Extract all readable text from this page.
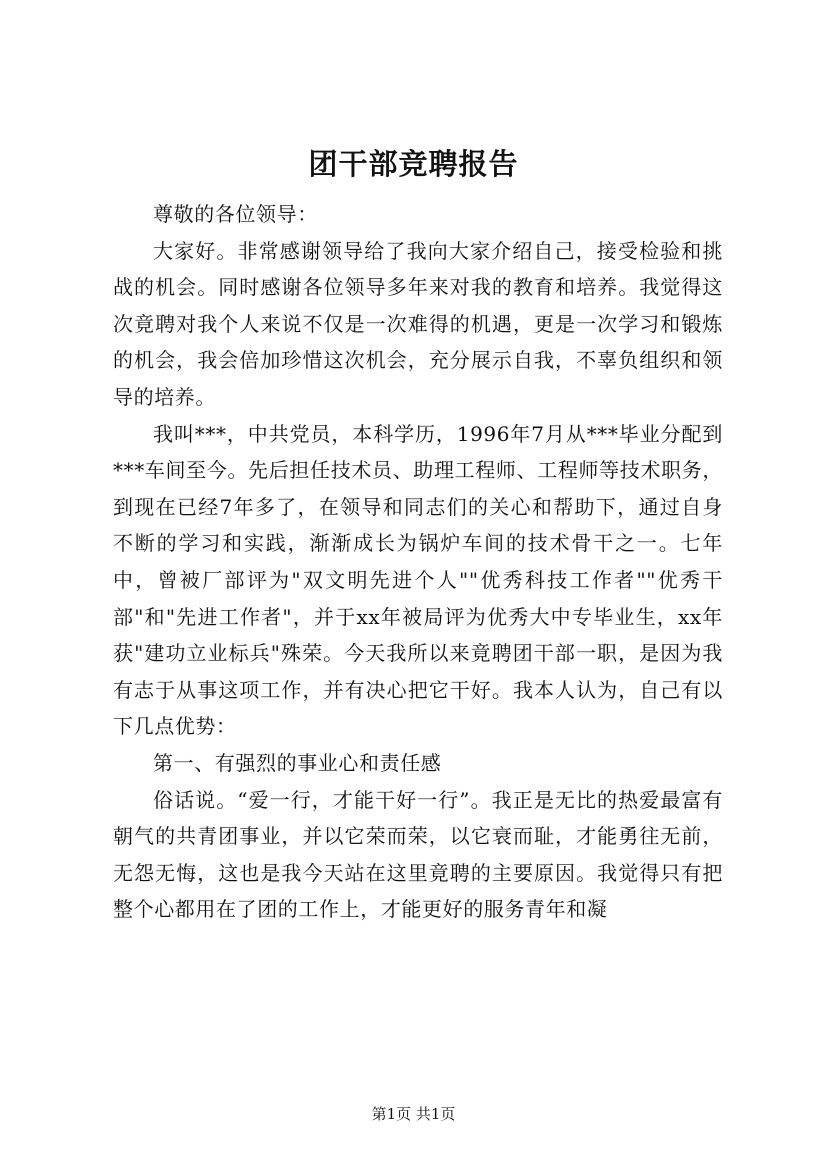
团干部竞聘报告

尊敬的各位领导：

大家好。非常感谢领导给了我向大家介绍自己，接受检验和挑战的机会。同时感谢各位领导多年来对我的教育和培养。我觉得这次竟聘对我个人来说不仅是一次难得的机遇，更是一次学习和锻炼的机会，我会倍加珍惜这次机会，充分展示自我，不辜负组织和领导的培养。

我叫***，中共党员，本科学历，1996年7月从***毕业分配到***车间至今。先后担任技术员、助理工程师、工程师等技术职务，到现在已经7年多了，在领导和同志们的关心和帮助下，通过自身不断的学习和实践，渐渐成长为锅炉车间的技术骨干之一。七年中，曾被厂部评为"双文明先进个人""优秀科技工作者""优秀干部"和"先进工作者"，并于xx年被局评为优秀大中专毕业生，xx年获"建功立业标兵"殊荣。今天我所以来竟聘团干部一职，是因为我有志于从事这项工作，并有决心把它干好。我本人认为，自己有以下几点优势：

第一、有强烈的事业心和责任感

俗话说。“爱一行，才能干好一行”。我正是无比的热爱最富有朝气的共青团事业，并以它荣而荣，以它衰而耻，才能勇往无前，无怨无悔，这也是我今天站在这里竟聘的主要原因。我觉得只有把整个心都用在了团的工作上，才能更好的服务青年和凝

第1页 共1页
